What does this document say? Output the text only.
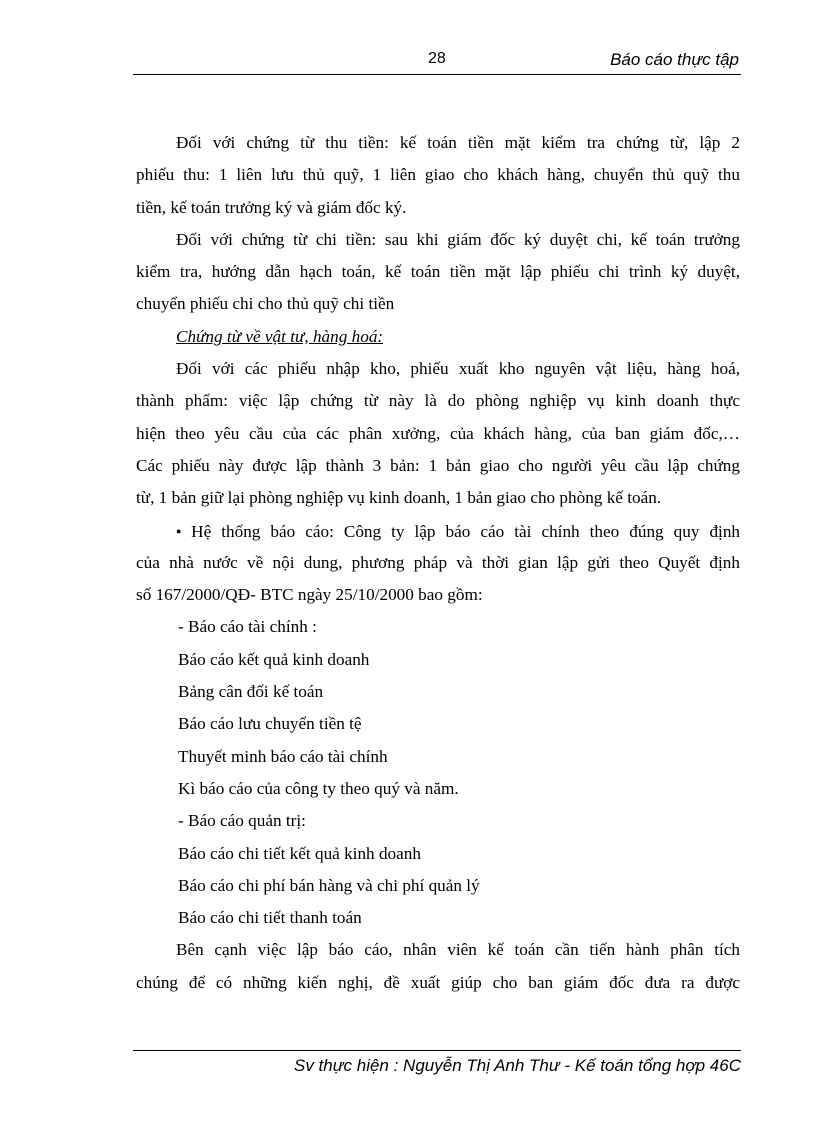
28	Báo cáo thực tập
Đối với chứng từ thu tiền: kế toán tiền mặt kiểm tra chứng từ, lập 2
phiếu thu: 1 liên lưu thủ quỹ, 1 liên giao cho khách hàng, chuyển thủ quỹ thu
tiền, kế toán trưởng ký và giám đốc ký.
Đối với chứng từ chi tiền: sau khi giám đốc ký duyệt chi, kế toán trưởng
kiểm tra, hướng dẫn hạch toán, kế toán tiền mặt lập phiếu chi trình ký duyệt,
chuyển phiếu chi cho thủ quỹ chi tiền
Chứng từ về vật tư, hàng hoá:
Đối với các phiếu nhập kho, phiếu xuất kho nguyên vật liệu, hàng hoá,
thành phẩm: việc lập chứng từ này là do phòng nghiệp vụ kinh doanh thực
hiện theo yêu cầu của các phân xưởng, của khách hàng, của ban giám đốc,…
Các phiếu này được lập thành 3 bản: 1 bản giao cho người yêu cầu lập chứng
từ, 1 bản giữ lại phòng nghiệp vụ kinh doanh, 1 bản giao cho phòng kế toán.
● Hệ thống báo cáo: Công ty lập báo cáo tài chính theo đúng quy định
của nhà nước về nội dung, phương pháp và thời gian lập gửi theo Quyết định
số 167/2000/QĐ- BTC ngày 25/10/2000 bao gồm:
- Báo cáo tài chính :
Báo cáo kết quả kinh doanh
Bảng cân đối kế toán
Báo cáo lưu chuyển tiền tệ
Thuyết minh báo cáo tài chính
Kì báo cáo của công ty theo quý và năm.
- Báo cáo quản trị:
Báo cáo chi tiết kết quả kinh doanh
Báo cáo chi phí bán hàng và chi phí quản lý
Báo cáo chi tiết thanh toán
Bên cạnh việc lập báo cáo, nhân viên kế toán cần tiến hành phân tích
chúng để có những kiến nghị, đề xuất giúp cho ban giám đốc đưa ra được
Sv thực hiện : Nguyễn Thị Anh Thư - Kế toán tổng hợp 46C
